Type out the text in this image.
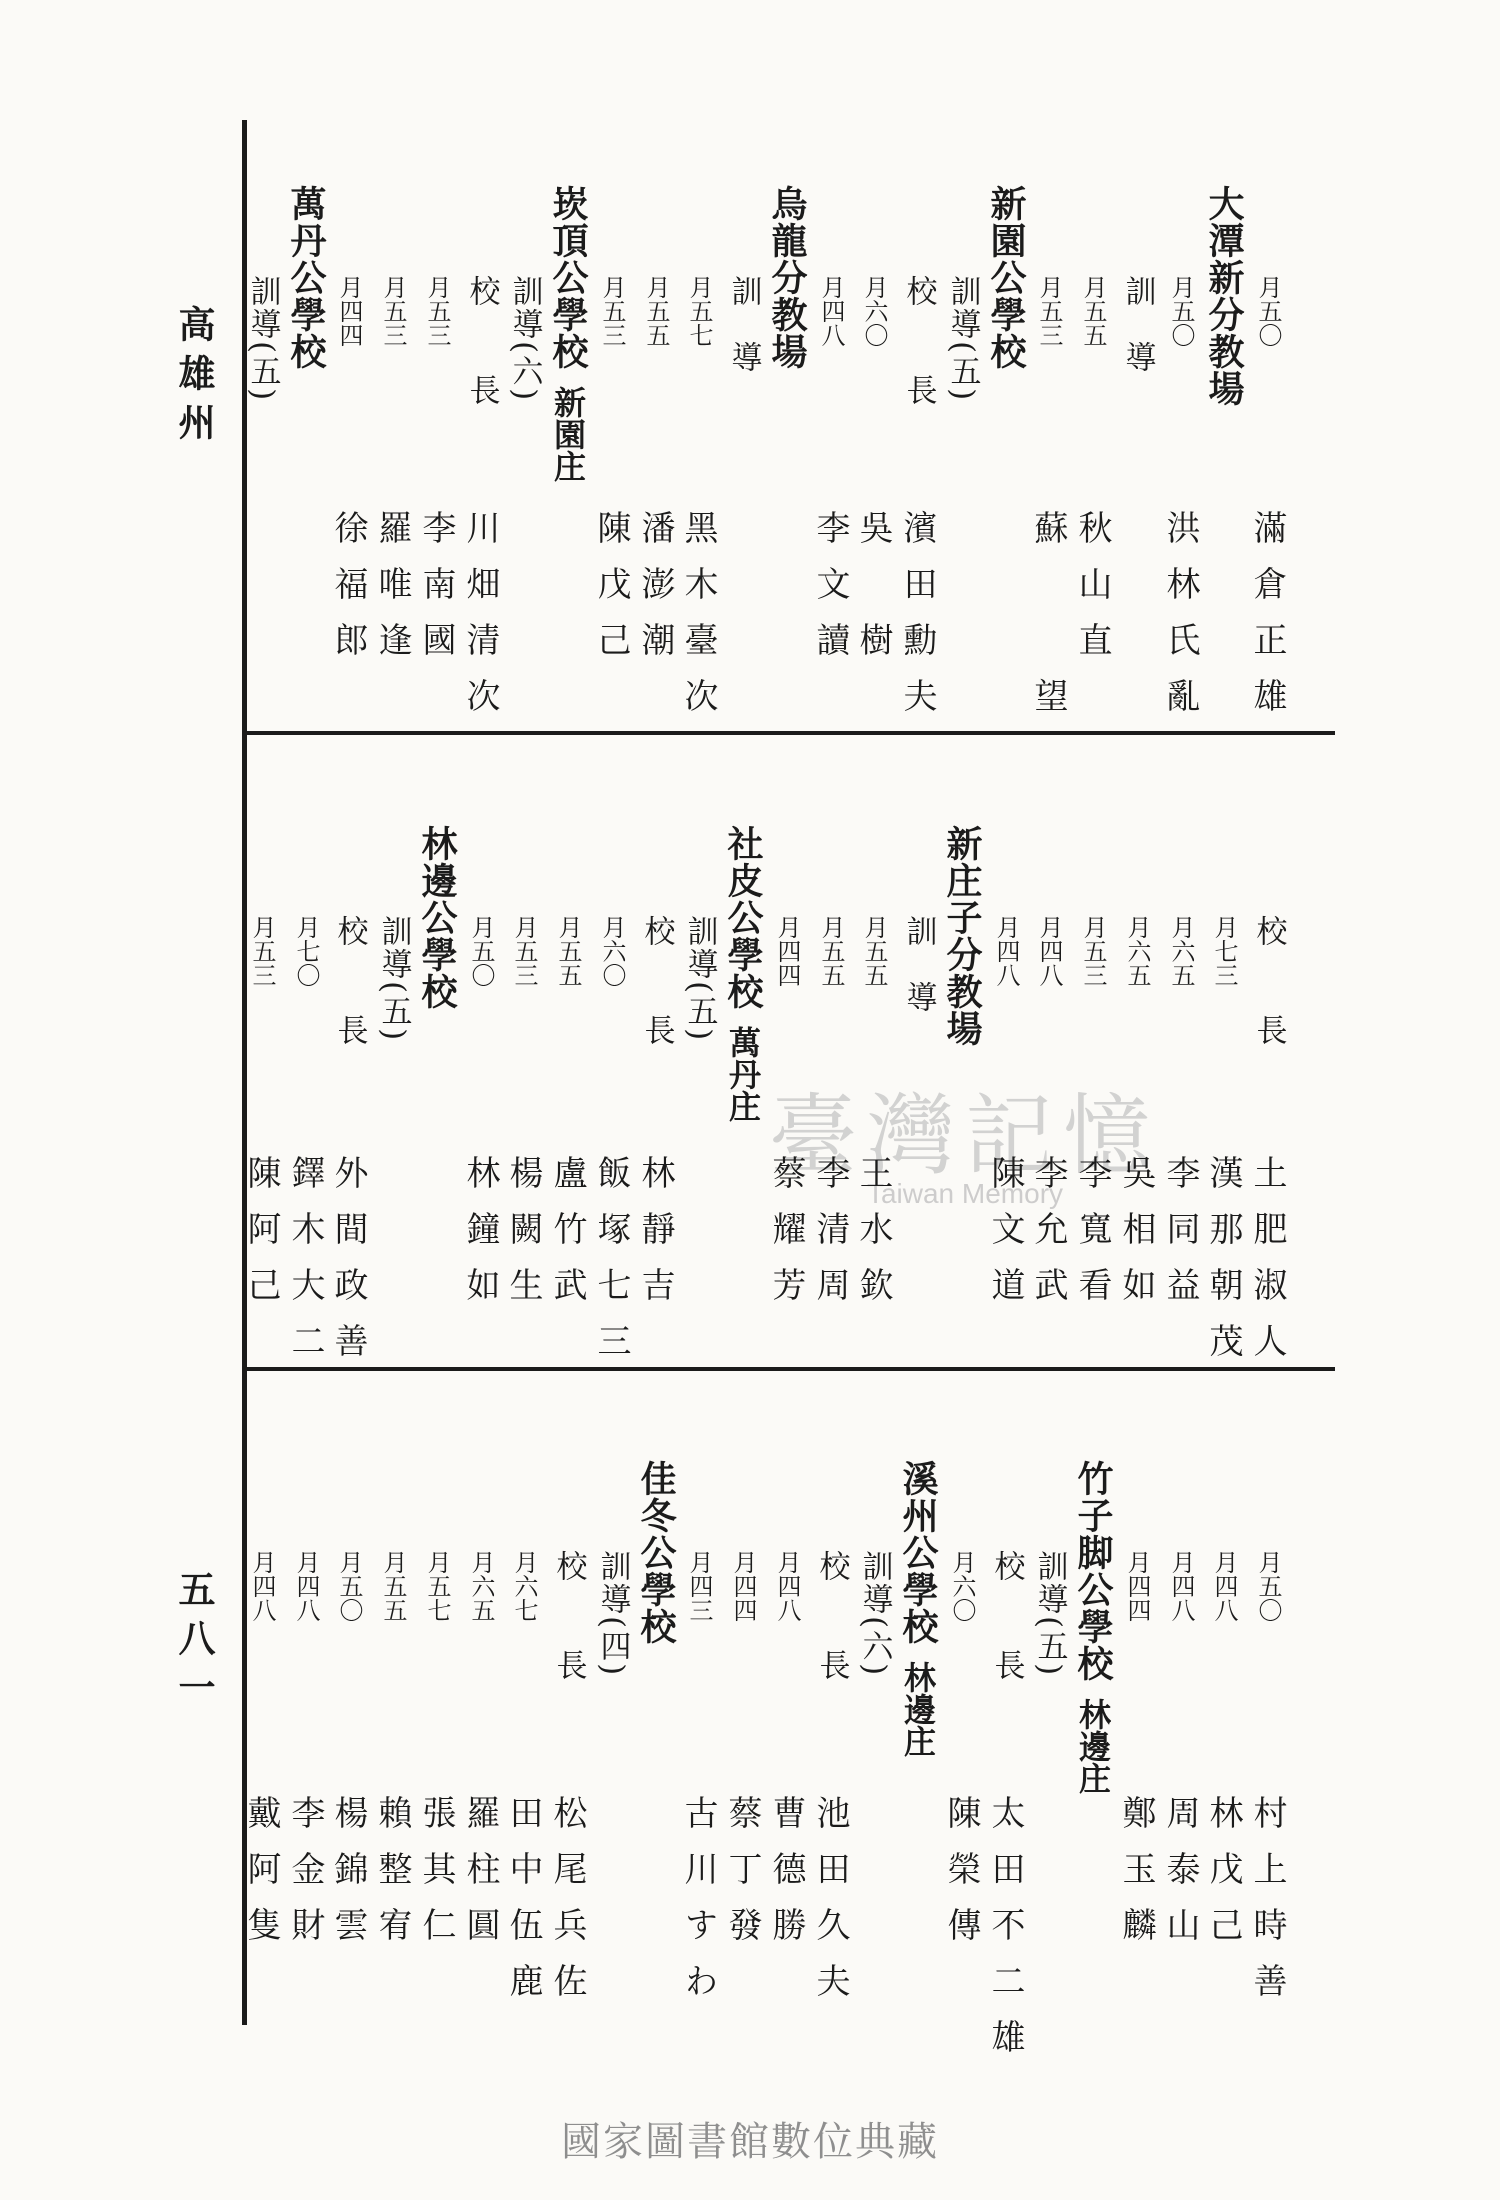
高雄州
五八一
臺灣記憶
Taiwan Memory
國家圖書館數位典藏
月五〇
滿倉正雄
大潭新分教場
月五〇
洪林氏亂
訓　導
月五五
秋山直
月五三
蘇　　望
新園公學校
訓導(五)
校　　長
濱田勳夫
月六〇
吳　樹
月四八
李文讀
烏龍分教場
訓　導
月五七
黑木臺次
月五五
潘澎潮
月五三
陳戊己
崁頂公學校
新園庄
訓導(六)
校　　長
川畑清次
月五三
李南國
月五三
羅唯逢
月四四
徐福郎
萬丹公學校
訓導(五)
校　　長
土肥淑人
月七三
漢那朝茂
月六五
李同益
月六五
吳相如
月五三
李寬看
月四八
李允武
月四八
陳文道
新庄子分教場
訓　導
月五五
王水欽
月五五
李清周
月四四
蔡耀芳
社皮公學校
萬丹庄
訓導(五)
校　　長
林靜吉
月六〇
飯塚七三
月五五
盧竹武
月五三
楊闕生
月五〇
林鐘如
林邊公學校
訓導(五)
校　　長
外間政善
月七〇
鐸木大二
月五三
陳阿己
月五〇
村上時善
月四八
林戊己
月四八
周泰山
月四四
鄭玉麟
竹子脚公學校
林邊庄
訓導(五)
校　　長
太田不二雄
月六〇
陳榮傳
溪州公學校
林邊庄
訓導(六)
校　　長
池田久夫
月四八
曹德勝
月四四
蔡丁發
月四三
古川すわ
佳冬公學校
訓導(四)
校　　長
松尾兵佐
月六七
田中伍鹿
月六五
羅柱圓
月五七
張其仁
月五五
賴整宥
月五〇
楊錦雲
月四八
李金財
月四八
戴阿隻
